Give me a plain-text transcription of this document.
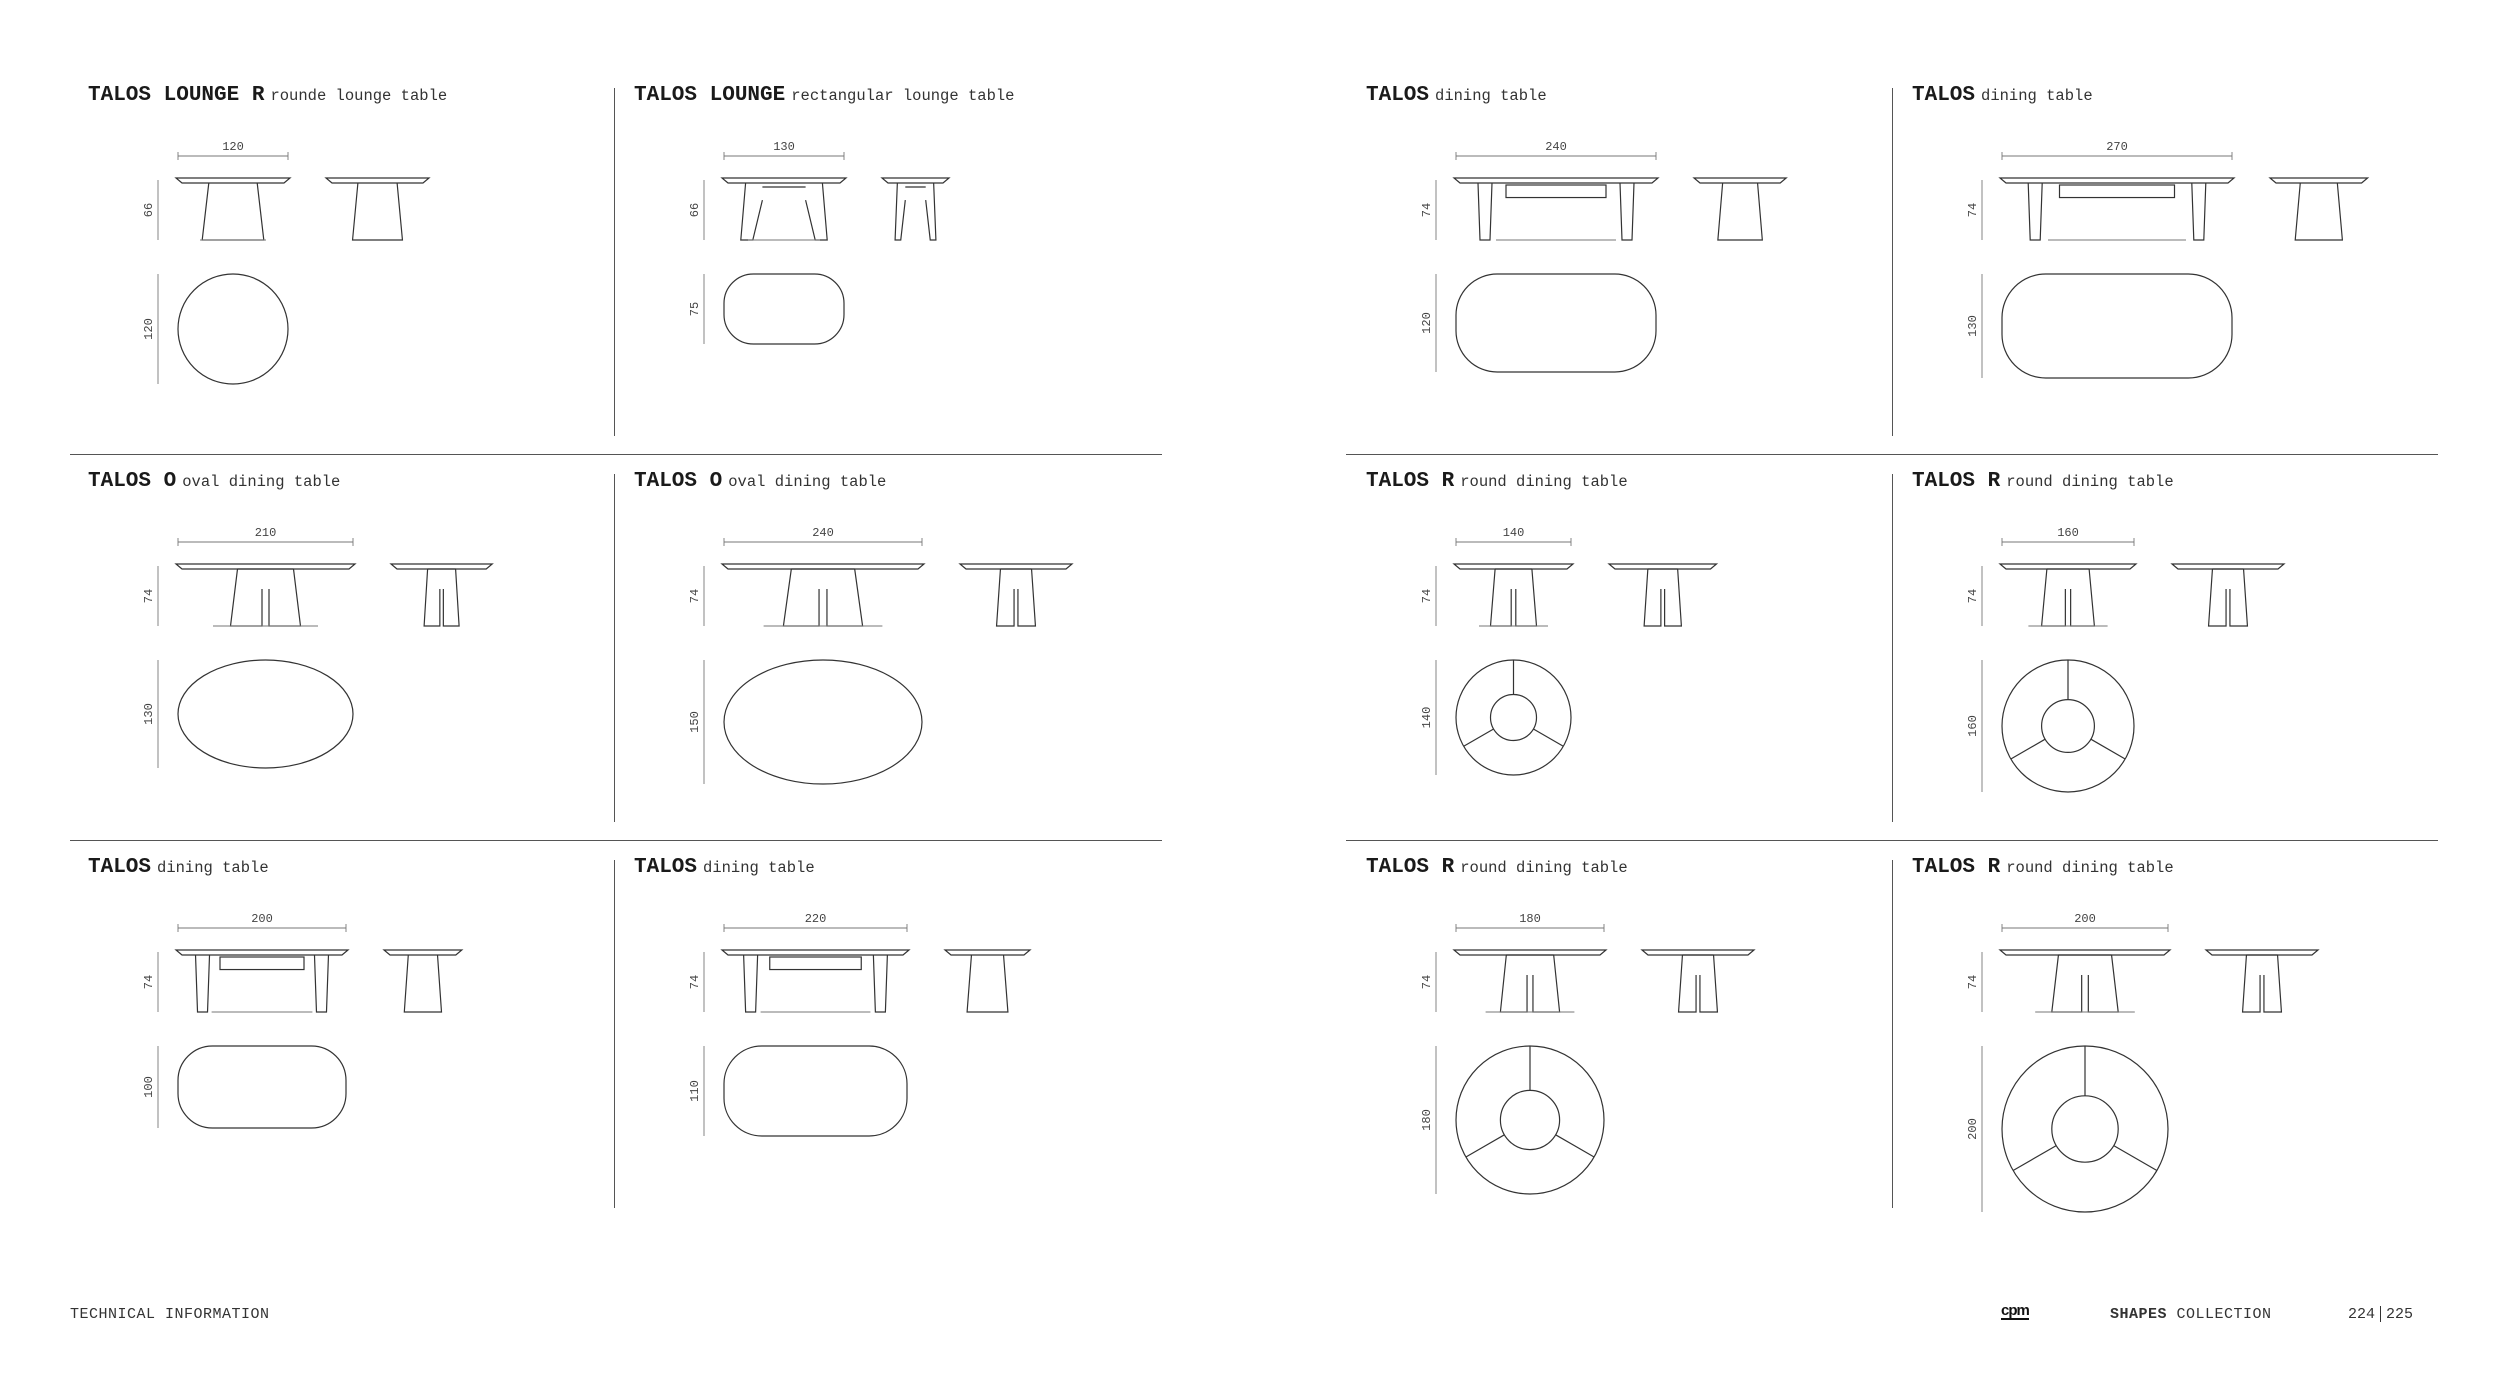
TALOS LOUNGE R rounde lounge table
120
66
120
TALOS LOUNGE rectangular lounge table
130
66
75
TALOS dining table
240
74
120
TALOS dining table
270
74
130
TALOS O oval dining table
210
74
130
TALOS O oval dining table
240
74
150
TALOS R round dining table
140
74
140
TALOS R round dining table
160
74
160
TALOS dining table
200
74
100
TALOS dining table
220
74
110
TALOS R round dining table
180
74
180
TALOS R round dining table
200
74
200
TECHNICAL INFORMATION	cpm	SHAPES COLLECTION	224 225
